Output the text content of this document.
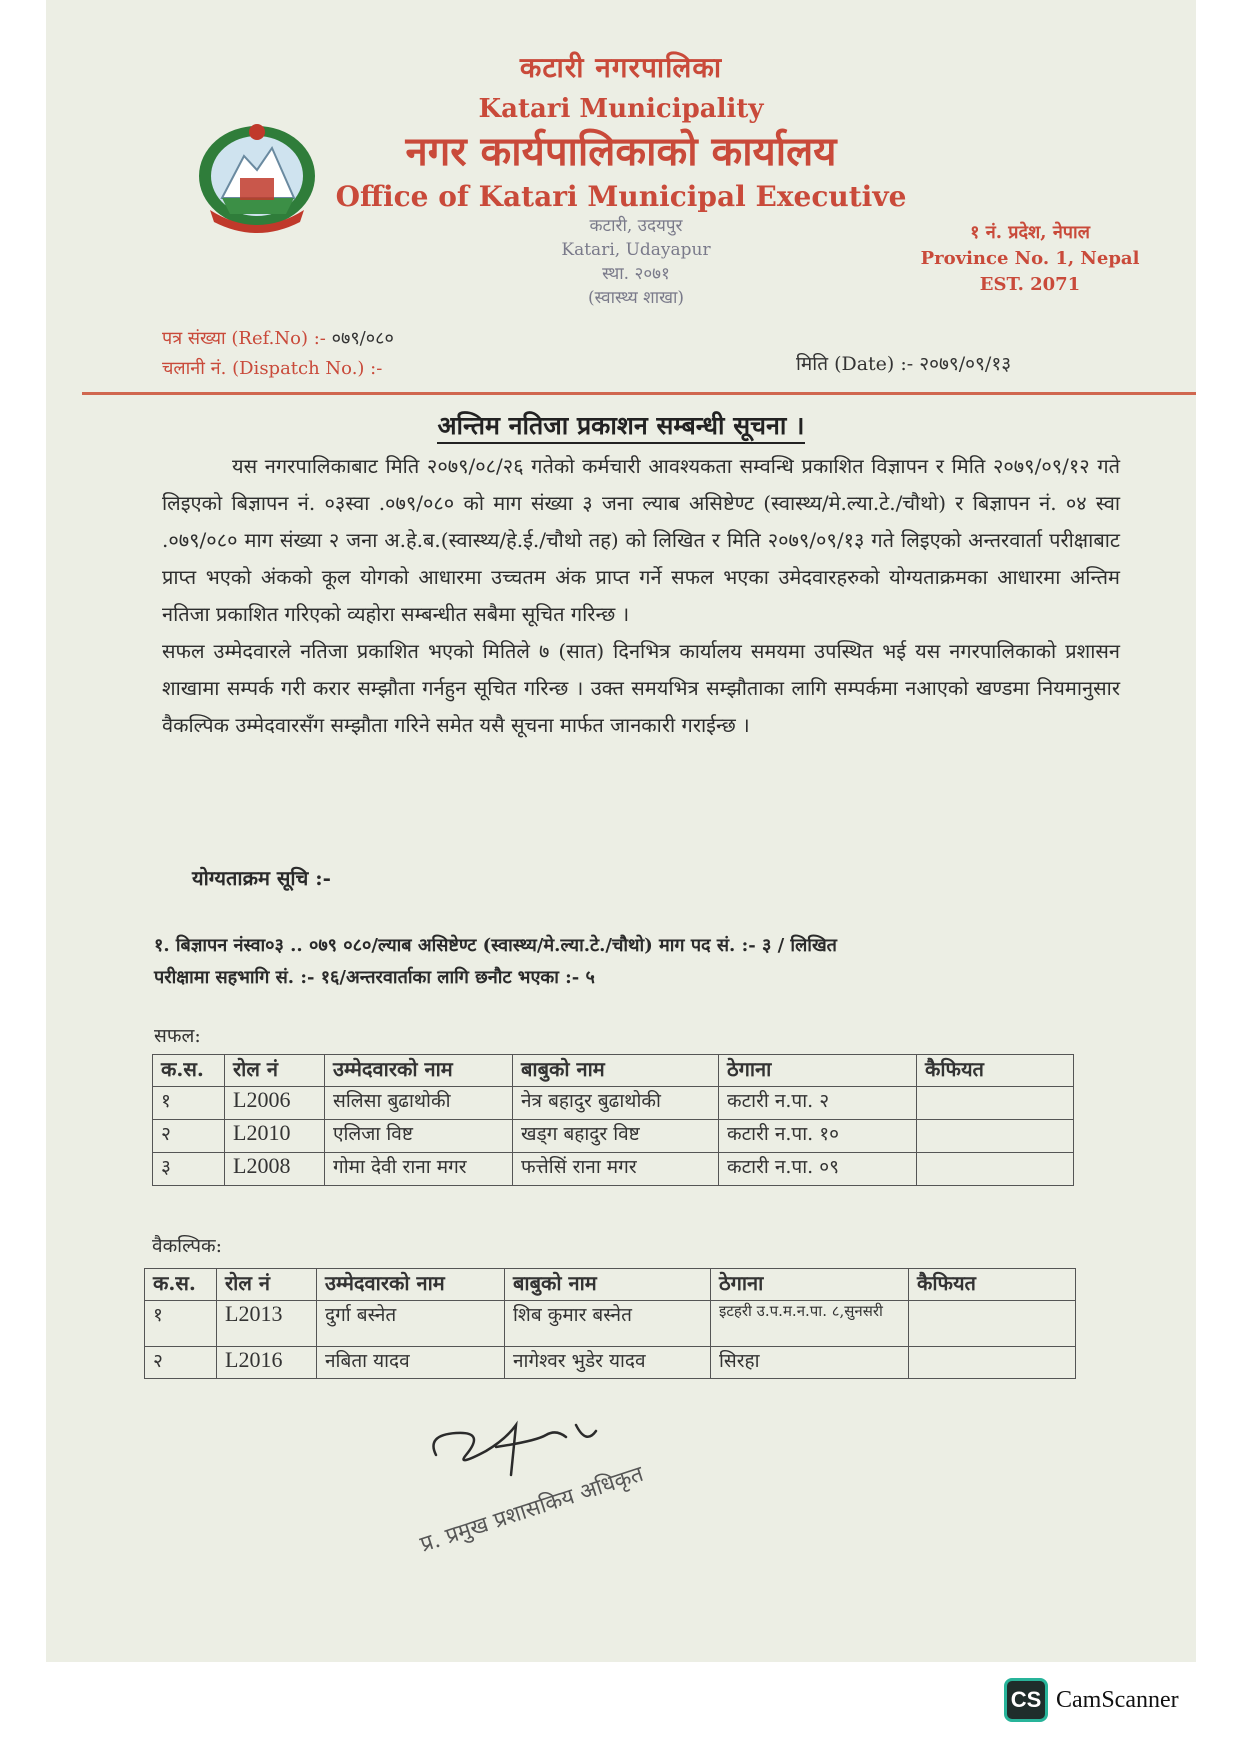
कटारी नगरपालिका
Katari Municipality
नगर कार्यपालिकाको कार्यालय
Office of Katari Municipal Executive
कटारी, उदयपुर
Katari, Udayapur
स्था. २०७१
(स्वास्थ्य शाखा)
१ नं. प्रदेश, नेपाल
Province No. 1, Nepal
EST. 2071
पत्र संख्या (Ref.No) :- ०७९/०८०
चलानी नं. (Dispatch No.) :-	मिति (Date) :- २०७९/०९/१३
अन्तिम नतिजा प्रकाशन सम्बन्धी सूचना ।

यस नगरपालिकाबाट मिति २०७९/०८/२६ गतेको कर्मचारी आवश्यकता सम्वन्धि प्रकाशित विज्ञापन र मिति २०७९/०९/१२ गते लिइएको बिज्ञापन नं. ०३स्वा .०७९/०८० को माग संख्या ३ जना ल्याब असिष्टेण्ट (स्वास्थ्य/मे.ल्या.टे./चौथो) र बिज्ञापन नं. ०४ स्वा .०७९/०८० माग संख्या २ जना अ.हे.ब.(स्वास्थ्य/हे.ई./चौथो तह) को लिखित र मिति २०७९/०९/१३ गते लिइएको अन्तरवार्ता परीक्षाबाट प्राप्त भएको अंकको कूल योगको आधारमा उच्चतम अंक प्राप्त गर्ने सफल भएका उमेदवारहरुको योग्यताक्रमका आधारमा अन्तिम नतिजा प्रकाशित गरिएको व्यहोरा सम्बन्धीत सबैमा सूचित गरिन्छ ।

सफल उम्मेदवारले नतिजा प्रकाशित भएको मितिले ७ (सात) दिनभित्र कार्यालय समयमा उपस्थित भई यस नगरपालिकाको प्रशासन शाखामा सम्पर्क गरी करार सम्झौता गर्नहुन सूचित गरिन्छ । उक्त समयभित्र सम्झौताका लागि सम्पर्कमा नआएको खण्डमा नियमानुसार वैकल्पिक उम्मेदवारसँग सम्झौता गरिने समेत यसै सूचना मार्फत जानकारी गराईन्छ ।

योग्यताक्रम सूचि :-
१. बिज्ञापन नंस्वा०३ .. ०७९ ०८०/ल्याब असिष्टेण्ट (स्वास्थ्य/मे.ल्या.टे./चौथो) माग पद सं. :- ३ / लिखित
परीक्षामा सहभागि सं. :- १६/अन्तरवार्ताका लागि छनौट भएका :- ५
सफल:
क.स.	रोल नं	उम्मेदवारको नाम	बाबुको नाम	ठेगाना	कैफियत
१	L2006	सलिसा बुढाथोकी	नेत्र बहादुर बुढाथोकी	कटारी न.पा. २	
२	L2010	एलिजा विष्ट	खड्ग बहादुर विष्ट	कटारी न.पा. १०	
३	L2008	गोमा देवी राना मगर	फत्तेसिं राना मगर	कटारी न.पा. ०९	
वैकल्पिक:
क.स.	रोल नं	उम्मेदवारको नाम	बाबुको नाम	ठेगाना	कैफियत
१	L2013	दुर्गा बस्नेत	शिब कुमार बस्नेत	इटहरी उ.प.म.न.पा. ८,सुनसरी	
२	L2016	नबिता यादव	नागेश्वर भुडेर यादव	सिरहा	
प्र. प्रमुख प्रशासकिय अधिकृत
CS CamScanner
